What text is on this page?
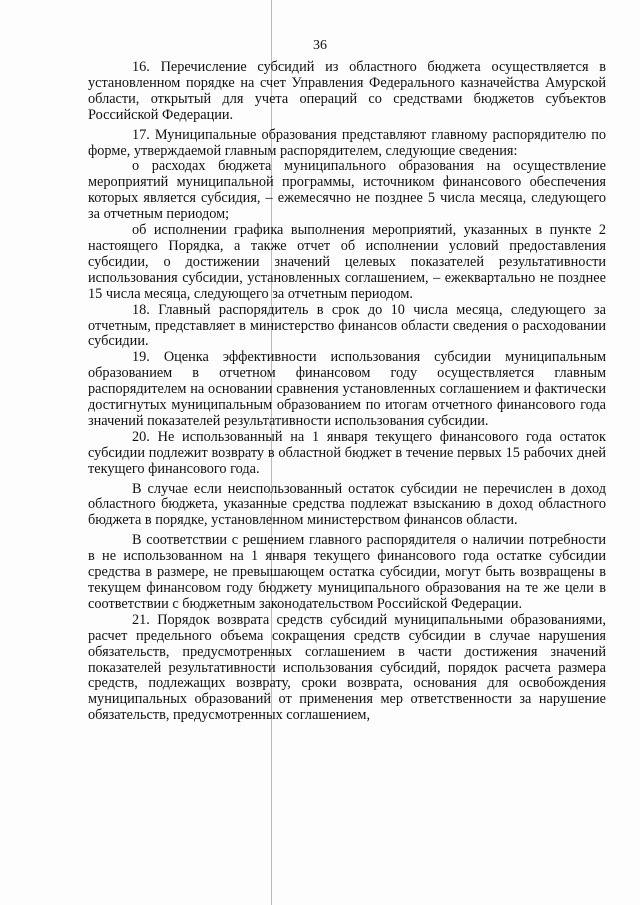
36

16. Перечисление субсидий из областного бюджета осуществляется в установленном порядке на счет Управления Федерального казначейства Амурской области, открытый для учета операций со средствами бюджетов субъектов Российской Федерации.

17. Муниципальные образования представляют главному распорядителю по форме, утверждаемой главным распорядителем, следующие сведения:

о расходах бюджета муниципального образования на осуществление мероприятий муниципальной программы, источником финансового обеспечения которых является субсидия, – ежемесячно не позднее 5 числа месяца, следующего за отчетным периодом;

об исполнении графика выполнения мероприятий, указанных в пункте 2 настоящего Порядка, а также отчет об исполнении условий предоставления субсидии, о достижении значений целевых показателей результативности использования субсидии, установленных соглашением, – ежеквартально не позднее 15 числа месяца, следующего за отчетным периодом.

18. Главный распорядитель в срок до 10 числа месяца, следующего за отчетным, представляет в министерство финансов области сведения о расходовании субсидии.

19. Оценка эффективности использования субсидии муниципальным образованием в отчетном финансовом году осуществляется главным распорядителем на основании сравнения установленных соглашением и фактически достигнутых муниципальным образованием по итогам отчетного финансового года значений показателей результативности использования субсидии.

20. Не использованный на 1 января текущего финансового года остаток субсидии подлежит возврату в областной бюджет в течение первых 15 рабочих дней текущего финансового года.

В случае если неиспользованный остаток субсидии не перечислен в доход областного бюджета, указанные средства подлежат взысканию в доход областного бюджета в порядке, установленном министерством финансов области.

В соответствии с решением главного распорядителя о наличии потребности в не использованном на 1 января текущего финансового года остатке субсидии средства в размере, не превышающем остатка субсидии, могут быть возвращены в текущем финансовом году бюджету муниципального образования на те же цели в соответствии с бюджетным законодательством Российской Федерации.

21. Порядок возврата средств субсидий муниципальными образованиями, расчет предельного объема сокращения средств субсидии в случае нарушения обязательств, предусмотренных соглашением в части достижения значений показателей результативности использования субсидий, порядок расчета размера средств, подлежащих возврату, сроки возврата, основания для освобождения муниципальных образований от применения мер ответственности за нарушение обязательств, предусмотренных соглашением,
